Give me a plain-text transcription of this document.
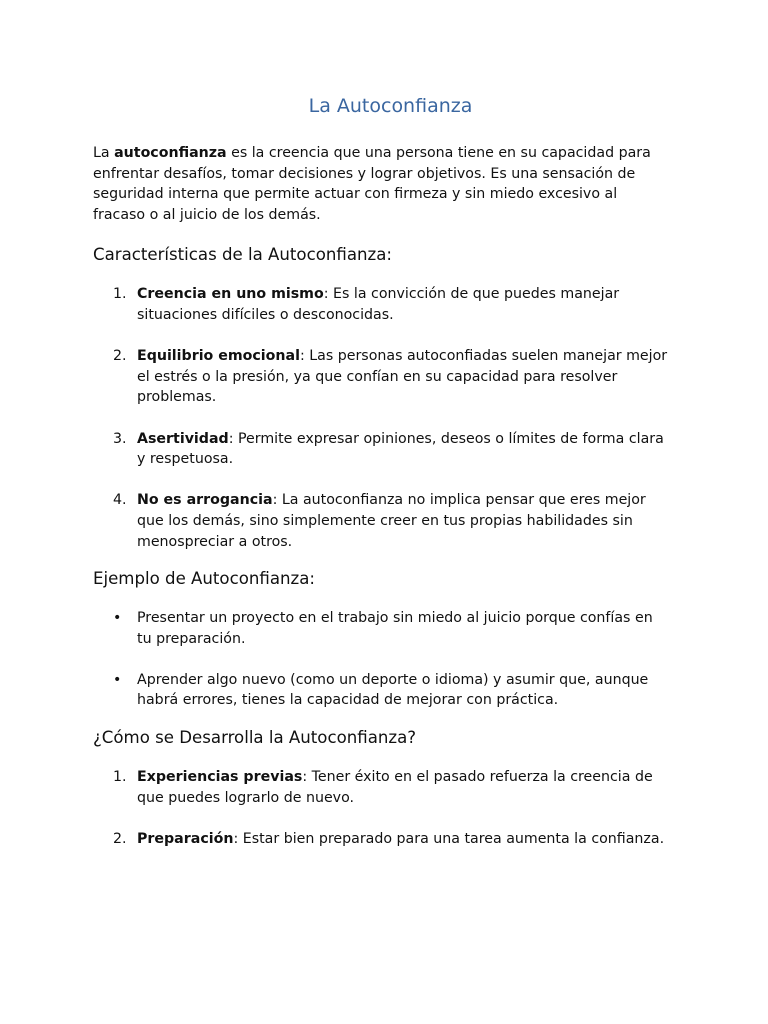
La Autoconfianza

La autoconfianza es la creencia que una persona tiene en su capacidad para enfrentar desafíos, tomar decisiones y lograr objetivos. Es una sensación de seguridad interna que permite actuar con firmeza y sin miedo excesivo al fracaso o al juicio de los demás.

Características de la Autoconfianza:
1. Creencia en uno mismo: Es la convicción de que puedes manejar situaciones difíciles o desconocidas.
2. Equilibrio emocional: Las personas autoconfiadas suelen manejar mejor el estrés o la presión, ya que confían en su capacidad para resolver problemas.
3. Asertividad: Permite expresar opiniones, deseos o límites de forma clara y respetuosa.
4. No es arrogancia: La autoconfianza no implica pensar que eres mejor que los demás, sino simplemente creer en tus propias habilidades sin menospreciar a otros.
Ejemplo de Autoconfianza:
• Presentar un proyecto en el trabajo sin miedo al juicio porque confías en tu preparación.
• Aprender algo nuevo (como un deporte o idioma) y asumir que, aunque habrá errores, tienes la capacidad de mejorar con práctica.
¿Cómo se Desarrolla la Autoconfianza?
1. Experiencias previas: Tener éxito en el pasado refuerza la creencia de que puedes lograrlo de nuevo.
2. Preparación: Estar bien preparado para una tarea aumenta la confianza.
